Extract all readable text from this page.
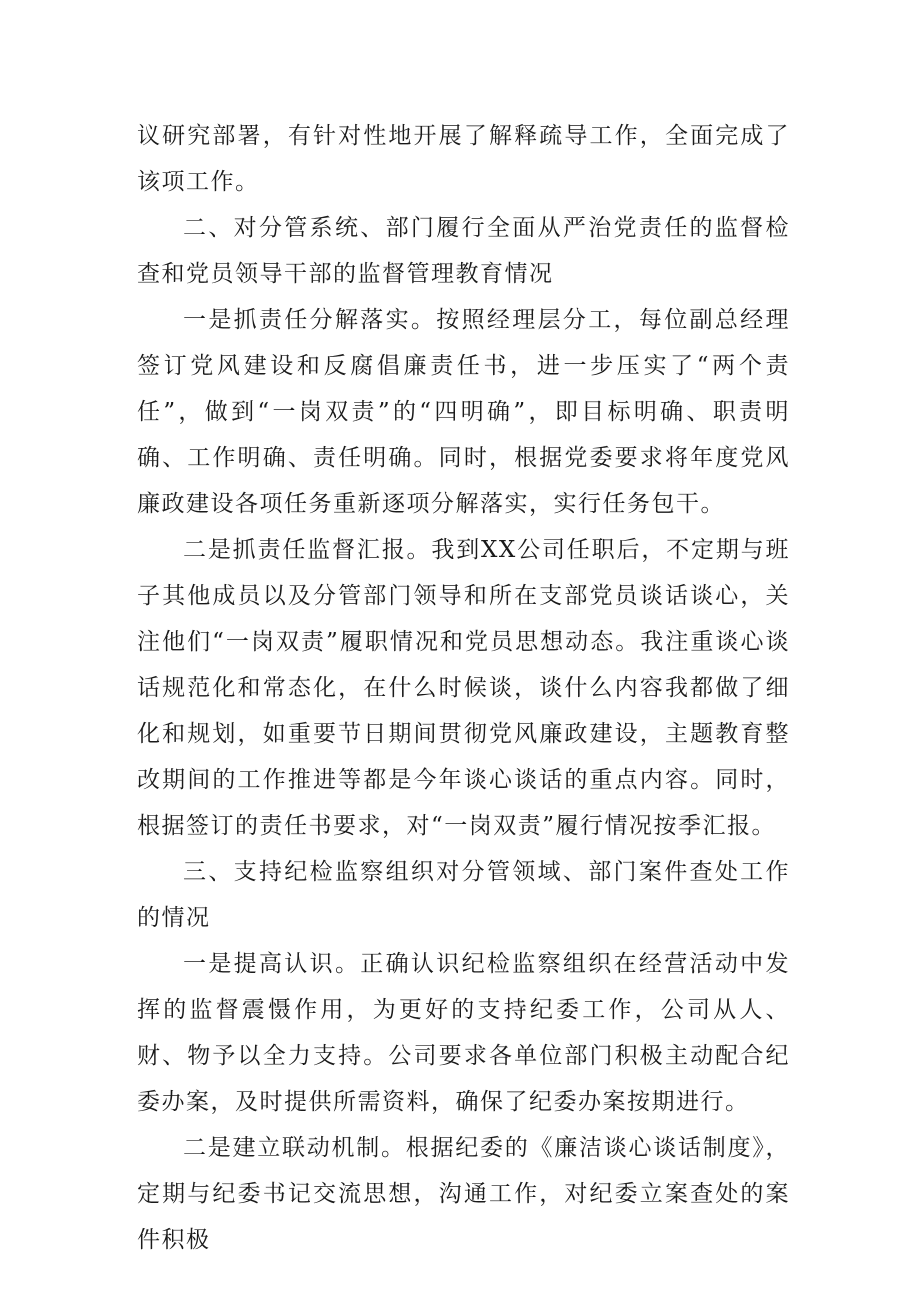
议研究部署，有针对性地开展了解释疏导工作，全面完成了该项工作。

二、对分管系统、部门履行全面从严治党责任的监督检查和党员领导干部的监督管理教育情况

一是抓责任分解落实。按照经理层分工，每位副总经理签订党风建设和反腐倡廉责任书，进一步压实了“两个责任”，做到“一岗双责”的“四明确”，即目标明确、职责明确、工作明确、责任明确。同时，根据党委要求将年度党风廉政建设各项任务重新逐项分解落实，实行任务包干。

二是抓责任监督汇报。我到XX公司任职后，不定期与班子其他成员以及分管部门领导和所在支部党员谈话谈心，关注他们“一岗双责”履职情况和党员思想动态。我注重谈心谈话规范化和常态化，在什么时候谈，谈什么内容我都做了细化和规划，如重要节日期间贯彻党风廉政建设，主题教育整改期间的工作推进等都是今年谈心谈话的重点内容。同时，根据签订的责任书要求，对“一岗双责”履行情况按季汇报。

三、支持纪检监察组织对分管领域、部门案件查处工作的情况

一是提高认识。正确认识纪检监察组织在经营活动中发挥的监督震慑作用，为更好的支持纪委工作，公司从人、财、物予以全力支持。公司要求各单位部门积极主动配合纪委办案，及时提供所需资料，确保了纪委办案按期进行。

二是建立联动机制。根据纪委的《廉洁谈心谈话制度》，定期与纪委书记交流思想，沟通工作，对纪委立案查处的案件积极
